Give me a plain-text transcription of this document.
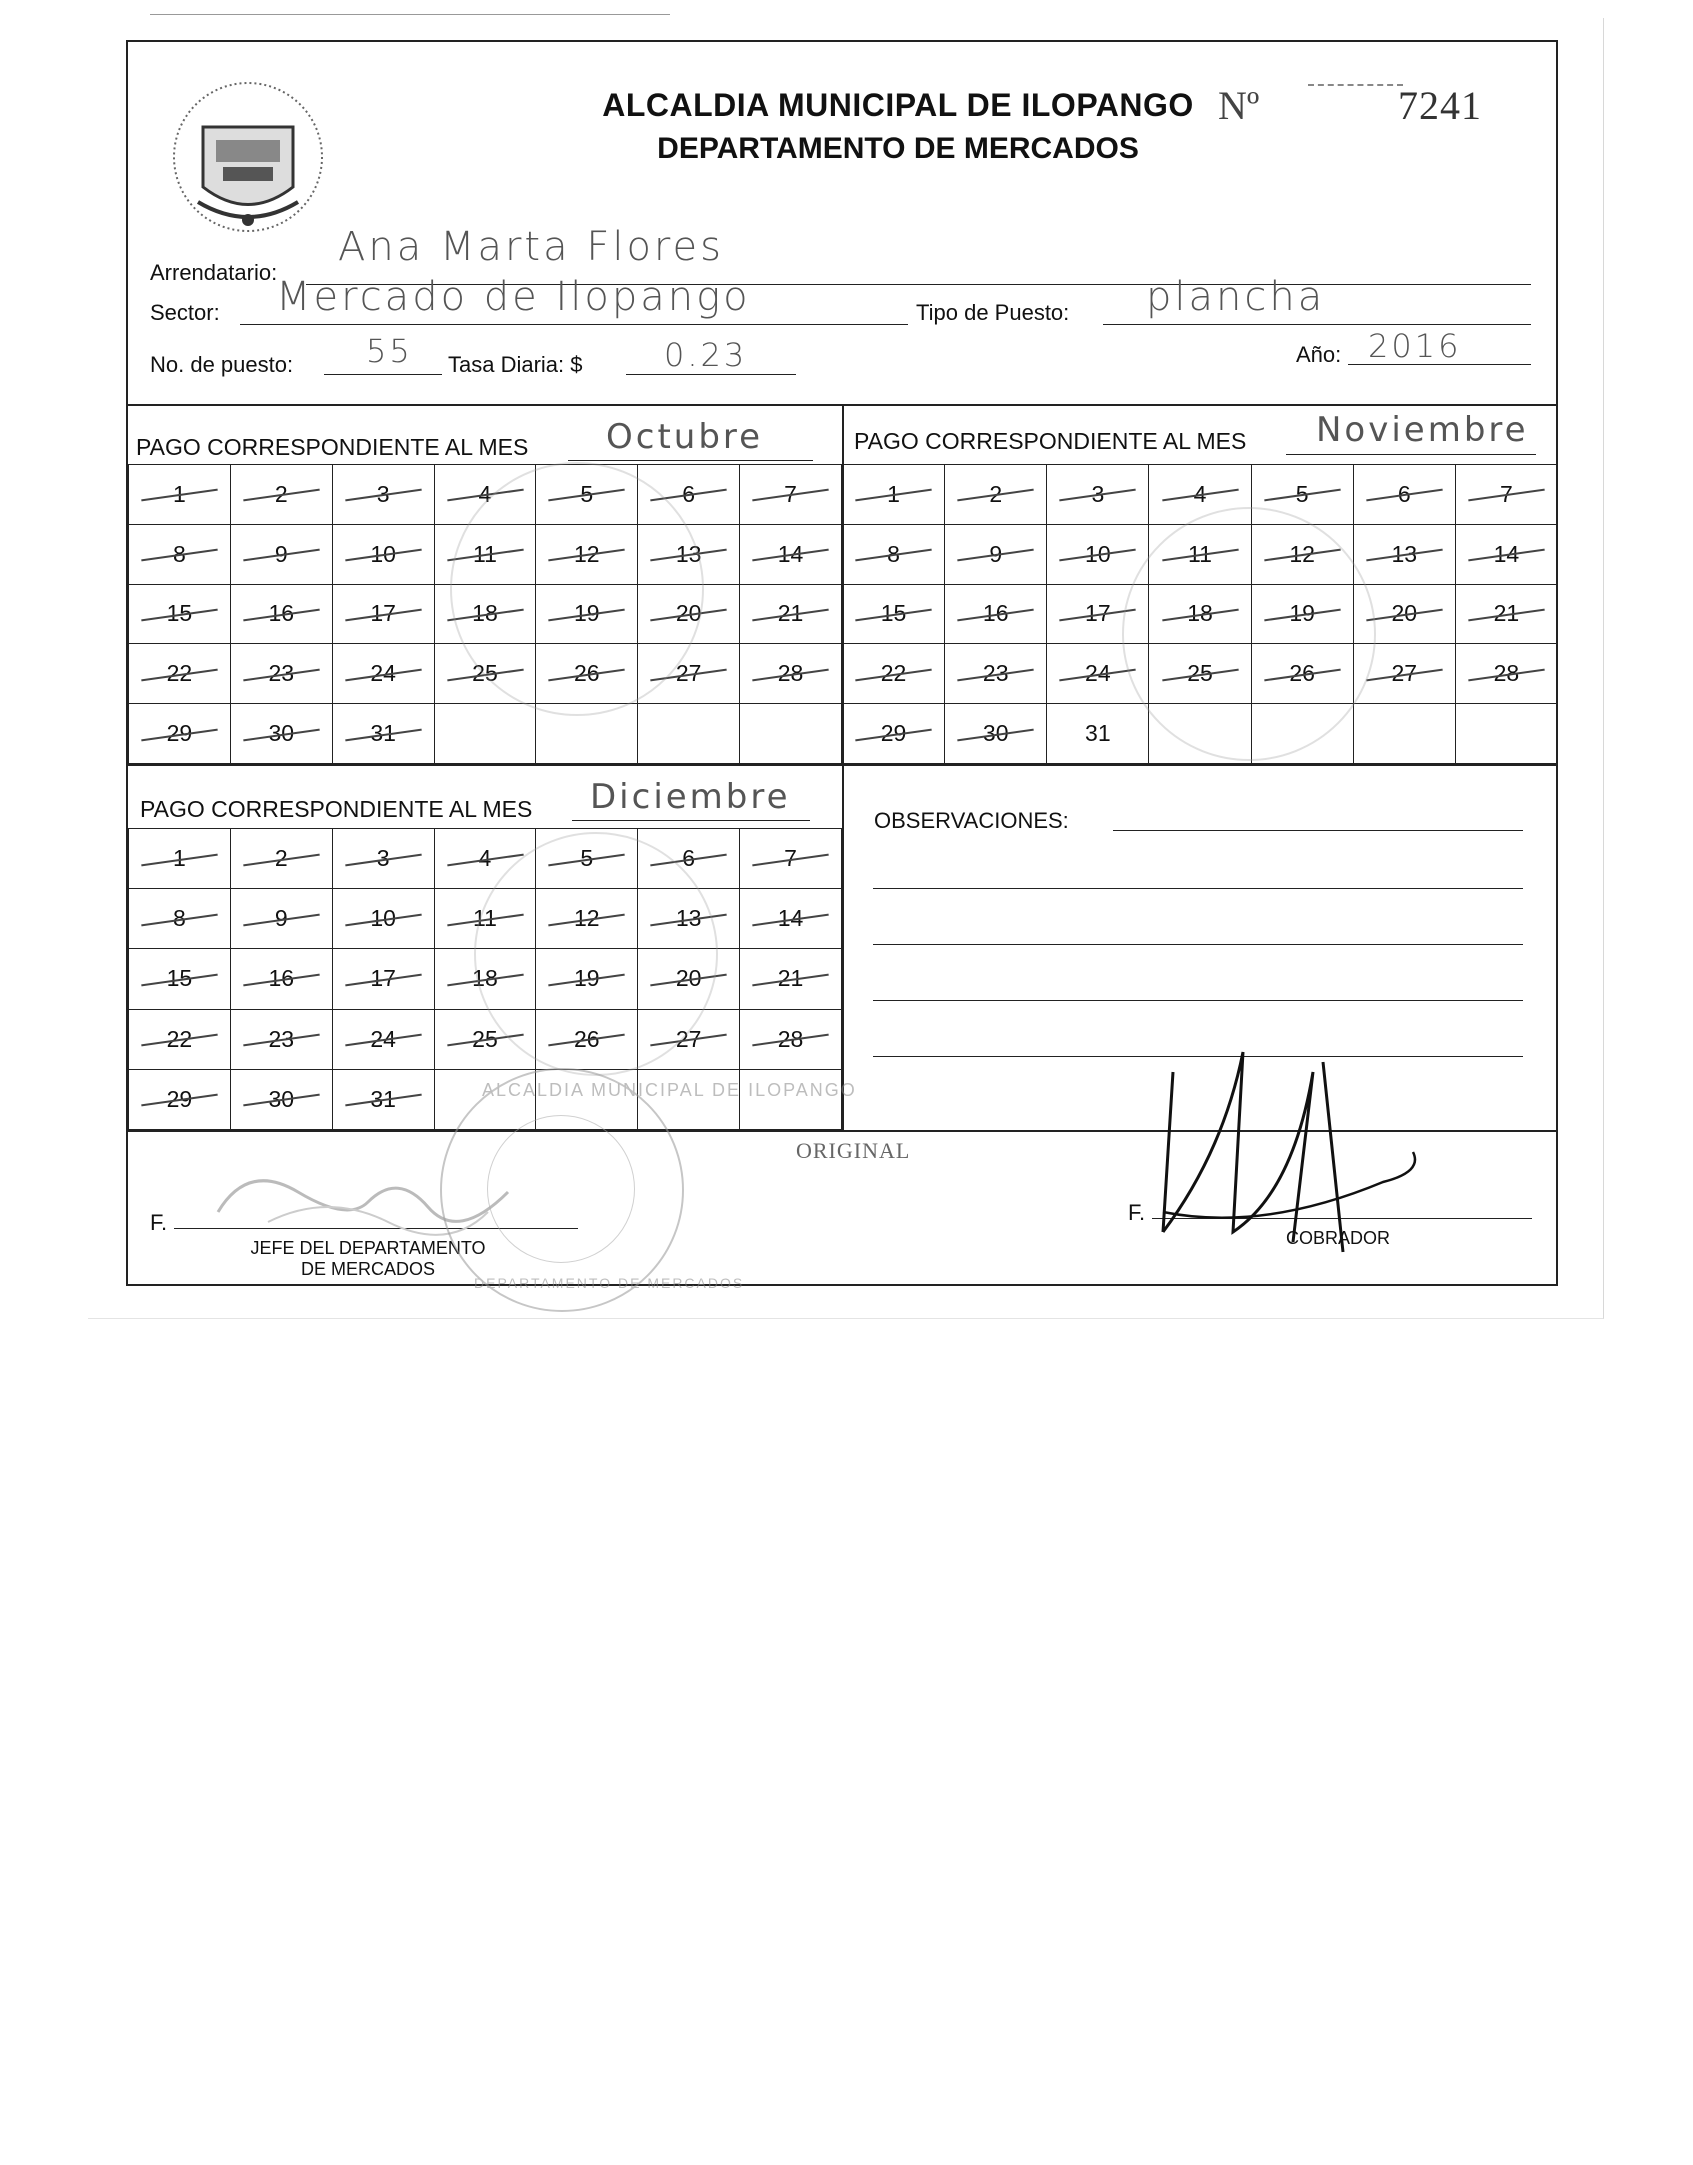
ALCALDIA MUNICIPAL DE ILOPANGO
DEPARTAMENTO DE MERCADOS
Nº	7241
Arrendatario:
Ana Marta Flores
Sector: Mercado de Ilopango	Tipo de Puesto: plancha
No. de puesto: 55 Tasa Diaria: $	0.23	Año: 2016
PAGO CORRESPONDIENTE AL MES Octubre
1	2	3	4	5	6	7
8	9	10	11	12	13	14
15	16	17	18	19	20	21
22	23	24	25	26	27	28
29	30	31				
PAGO CORRESPONDIENTE AL MES Noviembre
1	2	3	4	5	6	7
8	9	10	11	12	13	14
15	16	17	18	19	20	21
22	23	24	25	26	27	28
29	30	31				
PAGO CORRESPONDIENTE AL MES Diciembre
1	2	3	4	5	6	7
8	9	10	11	12	13	14
15	16	17	18	19	20	21
22	23	24	25	26	27	28
29	30	31				
OBSERVACIONES:
ORIGINAL
F.
JEFE DEL DEPARTAMENTO
DE MERCADOS
F.
COBRADOR
ALCALDIA MUNICIPAL DE ILOPANGO
DEPARTAMENTO DE MERCADOS
